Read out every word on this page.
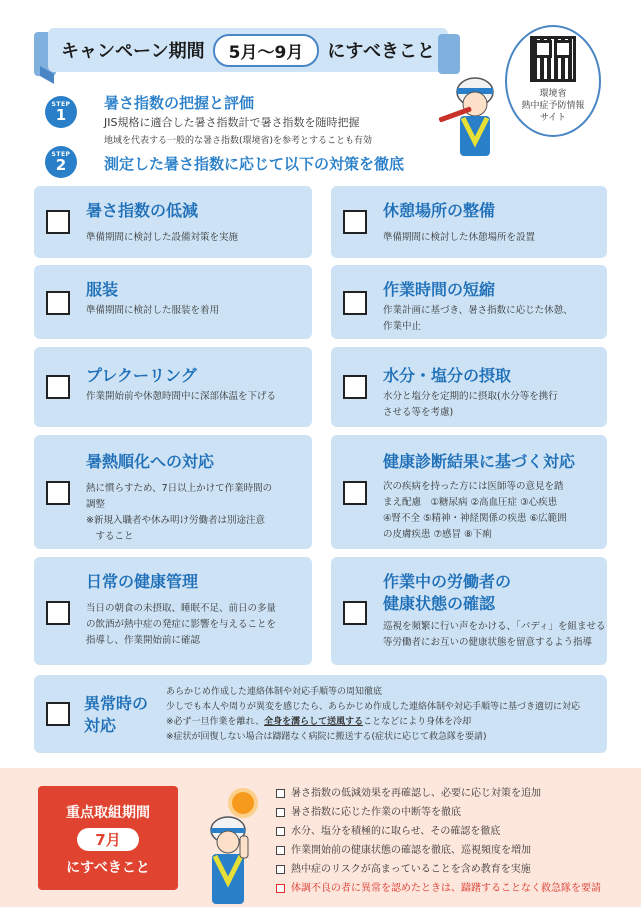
キャンペーン期間	5月〜9月	にすべきこと
環境省
熱中症予防情報
サイト
STEP
1
暑さ指数の把握と評価
JIS規格に適合した暑さ指数計で暑さ指数を随時把握
地域を代表する一般的な暑さ指数(環境省)を参考とすることも有効
STEP
2	測定した暑さ指数に応じて以下の対策を徹底
暑さ指数の低減
準備期間に検討した設備対策を実施
服装
準備期間に検討した服装を着用
プレクーリング
作業開始前や休憩時間中に深部体温を下げる
暑熱順化への対応
熱に慣らすため、7日以上かけて作業時間の
調整
※新規入職者や休み明け労働者は別途注意
　すること
日常の健康管理
当日の朝食の未摂取、睡眠不足、前日の多量
の飲酒が熱中症の発症に影響を与えることを
指導し、作業開始前に確認
休憩場所の整備
準備期間に検討した休憩場所を設置
作業時間の短縮
作業計画に基づき、暑さ指数に応じた休憩、
作業中止
水分・塩分の摂取
水分と塩分を定期的に摂取(水分等を携行
させる等を考慮)
健康診断結果に基づく対応
次の疾病を持った方には医師等の意見を踏
まえ配慮　①糖尿病 ②高血圧症 ③心疾患
④腎不全 ⑤精神・神経関係の疾患 ⑥広範囲
の皮膚疾患 ⑦感冒 ⑧下痢
作業中の労働者の
健康状態の確認
巡視を頻繁に行い声をかける、「バディ」を組ませる
等労働者にお互いの健康状態を留意するよう指導
異常時の
対応
あらかじめ作成した連絡体制や対応手順等の周知徹底
少しでも本人や周りが異変を感じたら、あらかじめ作成した連絡体制や対応手順等に基づき適切に対応
※必ず一旦作業を離れ、全身を濡らして送風することなどにより身体を冷却
※症状が回復しない場合は躊躇なく病院に搬送する(症状に応じて救急隊を要請)
重点取組期間
7月
にすべきこと
暑さ指数の低減効果を再確認し、必要に応じ対策を追加
暑さ指数に応じた作業の中断等を徹底
水分、塩分を積極的に取らせ、その確認を徹底
作業開始前の健康状態の確認を徹底、巡視頻度を増加
熱中症のリスクが高まっていることを含め教育を実施
体調不良の者に異常を認めたときは、躊躇することなく救急隊を要請
